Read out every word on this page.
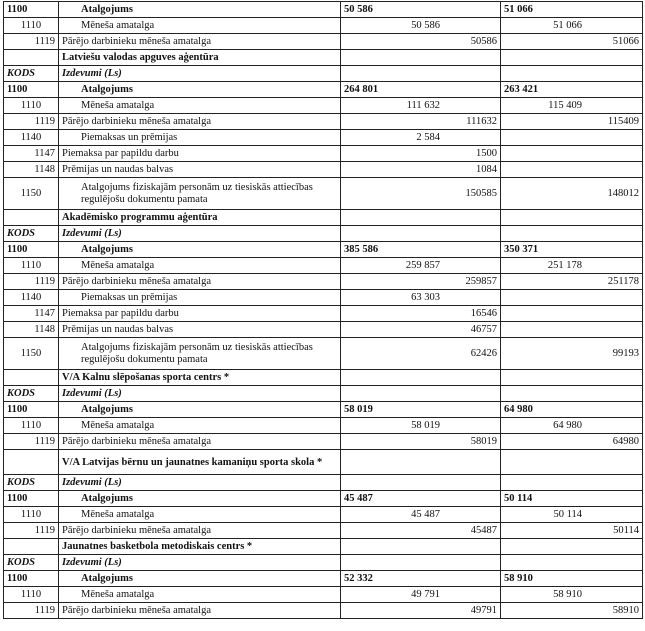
1100	Atalgojums	50 586	51 066
1110	Mēneša amatalga	50 586	51 066
1119	Pārējo darbinieku mēneša amatalga	50586	51066
	Latviešu valodas apguves aģentūra		
KODS	Izdevumi (Ls)		
1100	Atalgojums	264 801	263 421
1110	Mēneša amatalga	111 632	115 409
1119	Pārējo darbinieku mēneša amatalga	111632	115409
1140	Piemaksas un prēmijas	2 584	
1147	Piemaksa par papildu darbu	1500	
1148	Prēmijas un naudas balvas	1084	
1150	Atalgojums fiziskajām personām uz tiesiskās attiecības regulējošu dokumentu pamata	150585	148012
	Akadēmisko programmu aģentūra		
KODS	Izdevumi (Ls)		
1100	Atalgojums	385 586	350 371
1110	Mēneša amatalga	259 857	251 178
1119	Pārējo darbinieku mēneša amatalga	259857	251178
1140	Piemaksas un prēmijas	63 303	
1147	Piemaksa par papildu darbu	16546	
1148	Prēmijas un naudas balvas	46757	
1150	Atalgojums fiziskajām personām uz tiesiskās attiecības regulējošu dokumentu pamata	62426	99193
	V/A Kalnu slēpošanas sporta centrs *		
KODS	Izdevumi (Ls)		
1100	Atalgojums	58 019	64 980
1110	Mēneša amatalga	58 019	64 980
1119	Pārējo darbinieku mēneša amatalga	58019	64980
	V/A Latvijas bērnu un jaunatnes kamaniņu sporta skola *		
KODS	Izdevumi (Ls)		
1100	Atalgojums	45 487	50 114
1110	Mēneša amatalga	45 487	50 114
1119	Pārējo darbinieku mēneša amatalga	45487	50114
	Jaunatnes basketbola metodiskais centrs *		
KODS	Izdevumi (Ls)		
1100	Atalgojums	52 332	58 910
1110	Mēneša amatalga	49 791	58 910
1119	Pārējo darbinieku mēneša amatalga	49791	58910
